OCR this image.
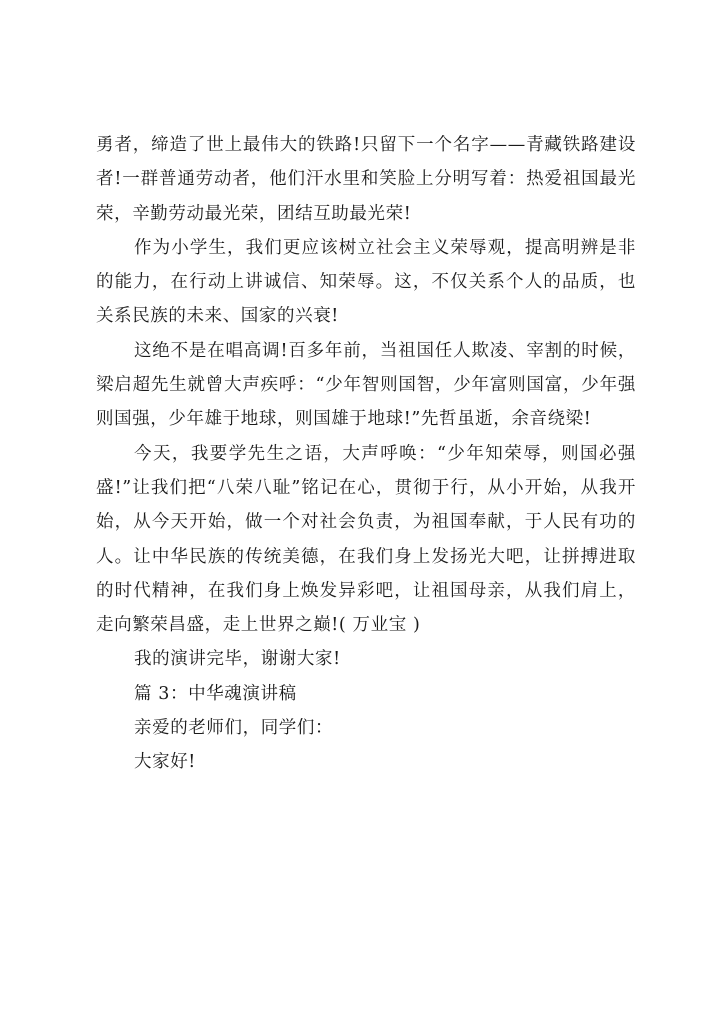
勇者，缔造了世上最伟大的铁路!只留下一个名字——青藏铁路建设者!一群普通劳动者，他们汗水里和笑脸上分明写着：热爱祖国最光荣，辛勤劳动最光荣，团结互助最光荣!

作为小学生，我们更应该树立社会主义荣辱观，提高明辨是非的能力，在行动上讲诚信、知荣辱。这，不仅关系个人的品质，也关系民族的未来、国家的兴衰!

这绝不是在唱高调!百多年前，当祖国任人欺凌、宰割的时候，梁启超先生就曾大声疾呼：“少年智则国智，少年富则国富，少年强则国强，少年雄于地球，则国雄于地球!”先哲虽逝，余音绕梁!

今天，我要学先生之语，大声呼唤：“少年知荣辱，则国必强盛!”让我们把“八荣八耻”铭记在心，贯彻于行，从小开始，从我开始，从今天开始，做一个对社会负责，为祖国奉献，于人民有功的人。让中华民族的传统美德，在我们身上发扬光大吧，让拼搏进取的时代精神，在我们身上焕发异彩吧，让祖国母亲，从我们肩上，走向繁荣昌盛，走上世界之巅!( 万业宝 )

我的演讲完毕，谢谢大家!

篇 3：中华魂演讲稿

亲爱的老师们，同学们：

大家好!
